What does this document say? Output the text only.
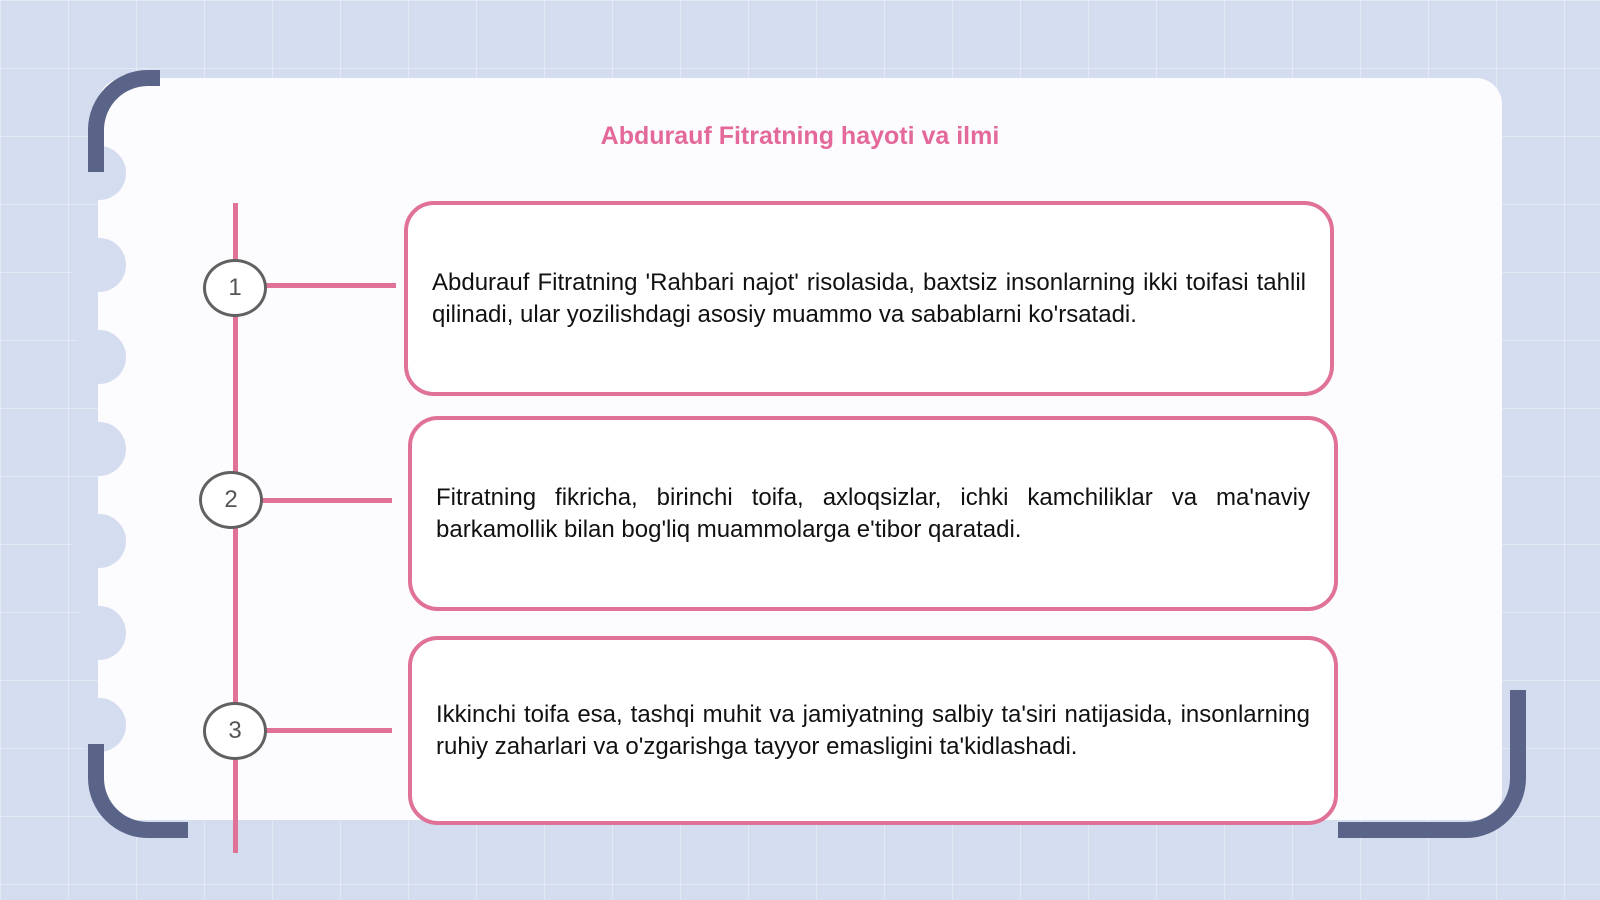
Abdurauf Fitratning hayoti va ilmi
1
2
3

Abdurauf Fitratning 'Rahbari najot' risolasida, baxtsiz insonlarning ikki toifasi tahlil qilinadi, ular yozilishdagi asosiy muammo va sabablarni ko'rsatadi.

Fitratning fikricha, birinchi toifa, axloqsizlar, ichki kamchiliklar va ma'naviy barkamollik bilan bog'liq muammolarga e'tibor qaratadi.

Ikkinchi toifa esa, tashqi muhit va jamiyatning salbiy ta'siri natijasida, insonlarning ruhiy zaharlari va o'zgarishga tayyor emasligini ta'kidlashadi.
